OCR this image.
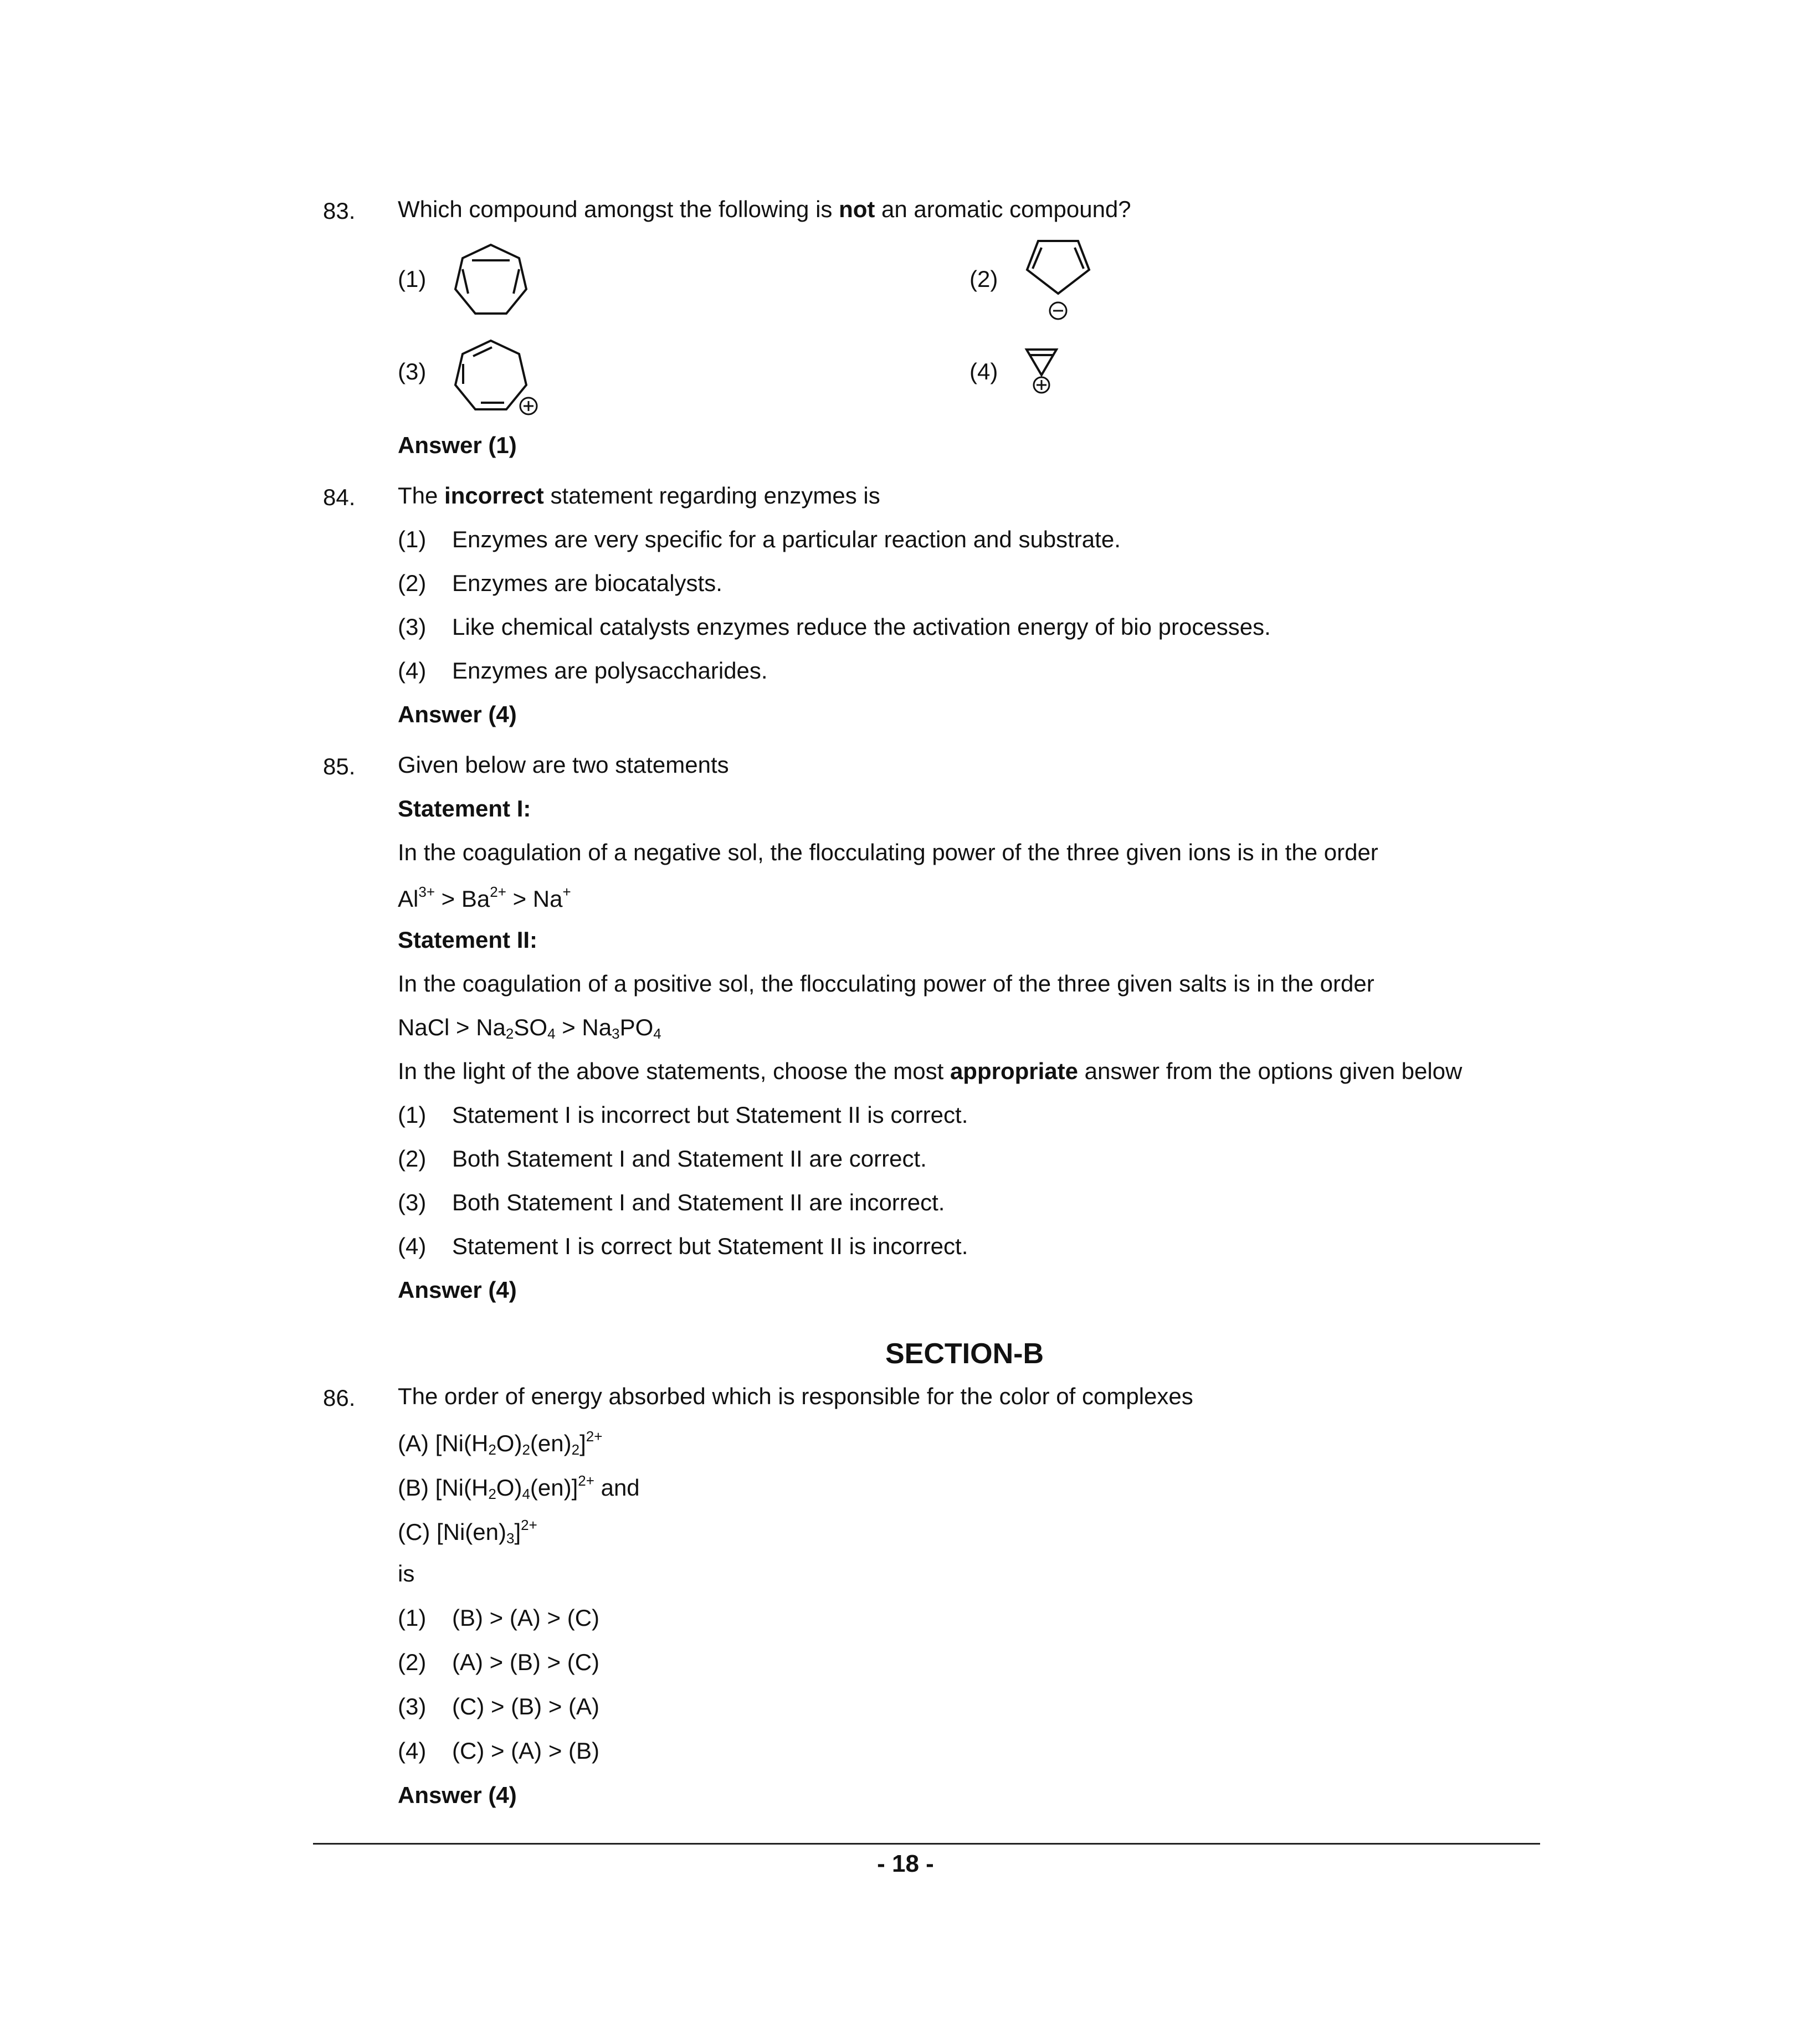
83. Which compound amongst the following is not an aromatic compound?
(1)	(2)
(3)	(4)
Answer (1)
84. The incorrect statement regarding enzymes is
(1) Enzymes are very specific for a particular reaction and substrate.
(2) Enzymes are biocatalysts.
(3) Like chemical catalysts enzymes reduce the activation energy of bio processes.
(4) Enzymes are polysaccharides.
Answer (4)
85. Given below are two statements
Statement I:
In the coagulation of a negative sol, the flocculating power of the three given ions is in the order
$Al^{3+} > Ba^{2+} > Na^+$
Statement II:
In the coagulation of a positive sol, the flocculating power of the three given salts is in the order
NaCl > $Na_2SO_4 > Na_3PO_4$
In the light of the above statements, choose the most appropriate answer from the options given below
(1) Statement I is incorrect but Statement II is correct.
(2) Both Statement I and Statement II are correct.
(3) Both Statement I and Statement II are incorrect.
(4) Statement I is correct but Statement II is incorrect.
Answer (4)
SECTION-B
86. The order of energy absorbed which is responsible for the color of complexes
(A) $[Ni(H_2O)_2(en)_2]^{2+}$
(B) $[Ni(H_2O)_4(en)]^{2+}$ and
(C) $[Ni(en)_3]^{2+}$
is
(1) (B) > (A) > (C)
(2) (A) > (B) > (C)
(3) (C) > (B) > (A)
(4) (C) > (A) > (B)
Answer (4)
- 18 -
